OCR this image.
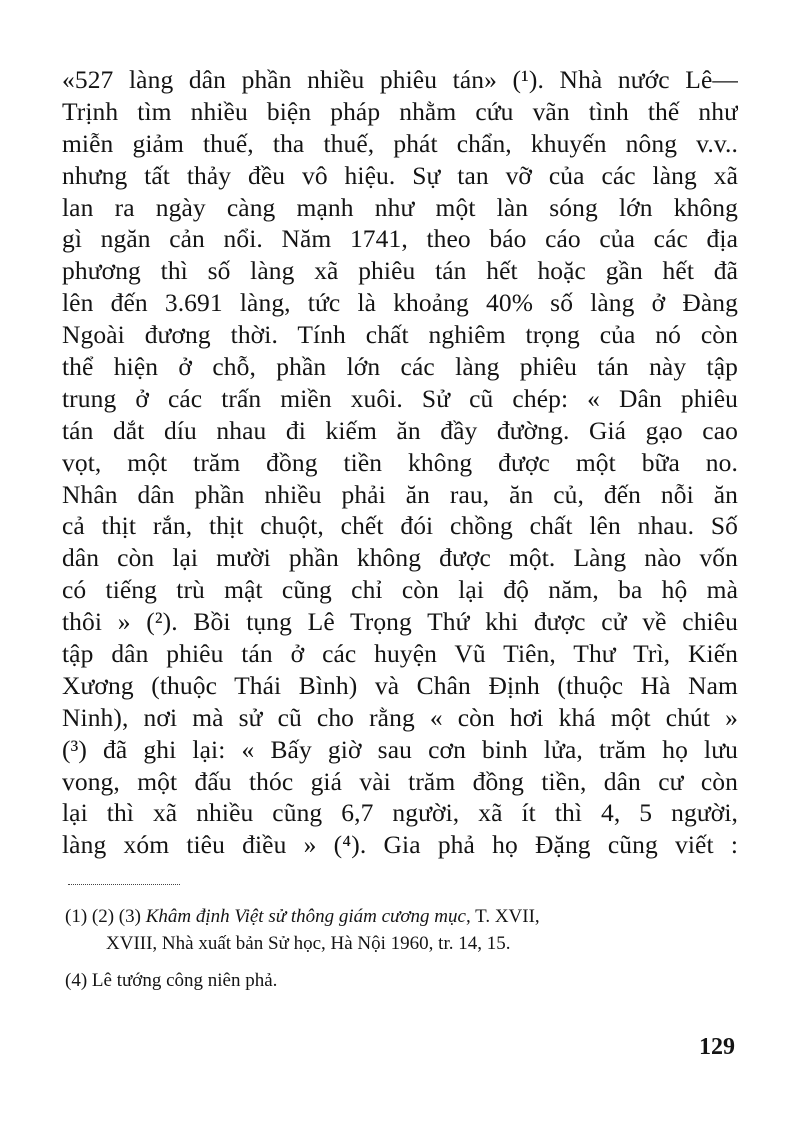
«527 làng dân phần nhiều phiêu tán» (¹). Nhà nước Lê—
Trịnh tìm nhiều biện pháp nhằm cứu vãn tình thế như
miễn giảm thuế, tha thuế, phát chẩn, khuyến nông v.v..
nhưng tất thảy đều vô hiệu. Sự tan vỡ của các làng xã
lan ra ngày càng mạnh như một làn sóng lớn không
gì ngăn cản nổi. Năm 1741, theo báo cáo của các địa
phương thì số làng xã phiêu tán hết hoặc gần hết đã
lên đến 3.691 làng, tức là khoảng 40% số làng ở Đàng
Ngoài đương thời. Tính chất nghiêm trọng của nó còn
thể hiện ở chỗ, phần lớn các làng phiêu tán này tập
trung ở các trấn miền xuôi. Sử cũ chép: « Dân phiêu
tán dắt díu nhau đi kiếm ăn đầy đường. Giá gạo cao
vọt, một trăm đồng tiền không được một bữa no.
Nhân dân phần nhiều phải ăn rau, ăn củ, đến nỗi ăn
cả thịt rắn, thịt chuột, chết đói chồng chất lên nhau. Số
dân còn lại mười phần không được một. Làng nào vốn
có tiếng trù mật cũng chỉ còn lại độ năm, ba hộ mà
thôi » (²). Bồi tụng Lê Trọng Thứ khi được cử về chiêu
tập dân phiêu tán ở các huyện Vũ Tiên, Thư Trì, Kiến
Xương (thuộc Thái Bình) và Chân Định (thuộc Hà Nam
Ninh), nơi mà sử cũ cho rằng « còn hơi khá một chút »
(³) đã ghi lại: « Bấy giờ sau cơn binh lửa, trăm họ lưu
vong, một đấu thóc giá vài trăm đồng tiền, dân cư còn
lại thì xã nhiều cũng 6,7 người, xã ít thì 4, 5 người,
làng xóm tiêu điều » (⁴). Gia phả họ Đặng cũng viết :
(1) (2) (3) Khâm định Việt sử thông giám cương mục, T. XVII,
XVIII, Nhà xuất bản Sử học, Hà Nội 1960, tr. 14, 15.
(4) Lê tướng công niên phả.
129
